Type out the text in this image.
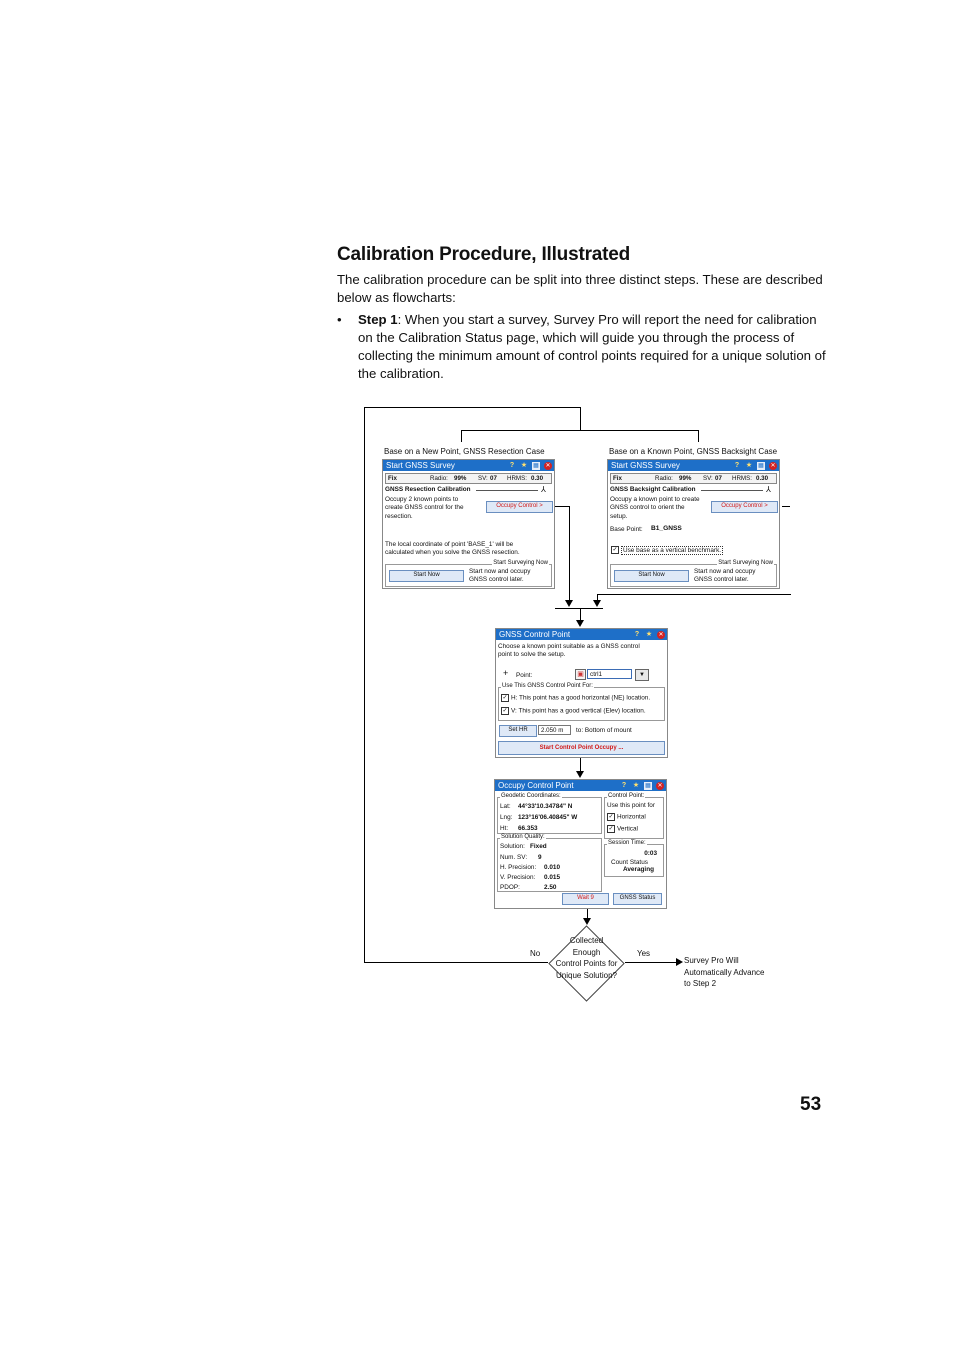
Calibration Procedure, Illustrated
The calibration procedure can be split into three distinct steps. These are described below as flowcharts:
• Step 1: When you start a survey, Survey Pro will report the need for calibration on the Calibration Status page, which will guide you through the process of collecting the minimum amount of control points required for a unique solution of the calibration.
Base on a New Point, GNSS Resection Case	Base on a Known Point, GNSS Backsight Case
Collected
Enough
Control Points for
Unique Solution?
No	Yes
Survey Pro Will
Automatically Advance
to Step 2
Start GNSS Survey	? ★ ▦ ✕
Fix	Radio: 99% SV: 07 HRMS: 0.30
GNSS Resection Calibration	⅄
Occupy 2 known points to
create GNSS control for the
resection.
Occupy Control >
The local coordinate of point 'BASE_1' will be
calculated when you solve the GNSS resection.
Start Surveying Now
Start Now	Start now and occupy
GNSS control later.
Start GNSS Survey	? ★ ▦ ✕
Fix	Radio: 99% SV: 07 HRMS: 0.30
GNSS Backsight Calibration	⅄
Occupy a known point to create
GNSS control to orient the
setup.
Occupy Control >
Base Point: B1_GNSS
✓ Use base as a vertical benchmark.
Start Surveying Now
Start Now	Start now and occupy
GNSS control later.
GNSS Control Point	? ★ ✕
Choose a known point suitable as a GNSS control
point to solve the setup.
+ Point:	▣ ctrl1	▼
Use This GNSS Control Point For:
✓ H: This point has a good horizontal (NE) location.
✓ V: This point has a good vertical (Elev) location.
Set HR	2.050 m	to: Bottom of mount
Start Control Point Occupy ...
Occupy Control Point	? ★ ▦ ✕
Geodetic Coordinates:
Lat: 44°33'10.34784" N
Lng: 123°16'06.40845" W
Ht: 66.353
Control Point:
Use this point for
✓ Horizontal
✓ Vertical
Solution Quality:
Solution: Fixed
Num. SV: 9
H. Precision: 0.010
V. Precision: 0.015
PDOP:	2.50
Session Time:
0:03
Count Status
Averaging
Wait 9	GNSS Status
53
